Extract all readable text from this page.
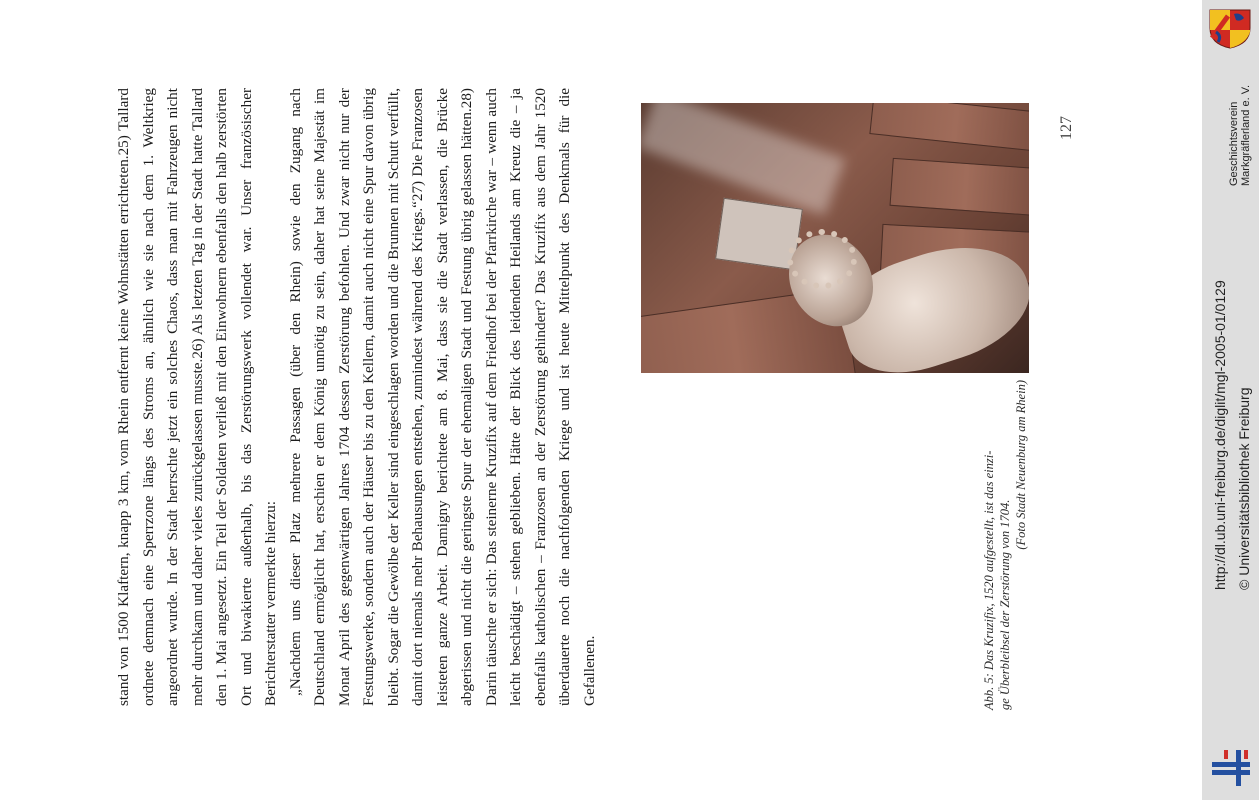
stand von 1500 Klaftern, knapp 3 km, vom Rhein entfernt keine Wohnstätten errichteten.25) Tallard ordnete demnach eine Sperrzone längs des Stroms an, ähnlich wie sie nach dem 1. Weltkrieg angeordnet wurde. In der Stadt herrschte jetzt ein solches Chaos, dass man mit Fahrzeugen nicht mehr durchkam und daher vieles zurückgelassen musste.26) Als letzten Tag in der Stadt hatte Tallard den 1. Mai angesetzt. Ein Teil der Soldaten verließ mit den Einwohnern ebenfalls den halb zerstörten Ort und biwakierte außerhalb, bis das Zerstörungswerk vollendet war. Unser französischer Berichterstatter vermerkte hierzu: „Nachdem uns dieser Platz mehrere Passagen (über den Rhein) sowie den Zugang nach Deutschland ermöglicht hat, erschien er dem König unnötig zu sein, daher hat seine Majestät im Monat April des gegenwärtigen Jahres 1704 dessen Zerstörung befohlen. Und zwar nicht nur der Festungswerke, sondern auch der Häuser bis zu den Kellern, damit auch nicht eine Spur davon übrig bleibt. Sogar die Gewölbe der Keller sind eingeschlagen worden und die Brunnen mit Schutt verfüllt, damit dort niemals mehr Behausungen entstehen, zumindest während des Kriegs.“27) Die Franzosen leisteten ganze Arbeit. Damigny berichtete am 8. Mai, dass sie die Stadt verlassen, die Brücke abgerissen und nicht die geringste Spur der ehemaligen Stadt und Festung übrig gelassen hätten.28) Darin täuschte er sich: Das steinerne Kruzifix auf dem Friedhof bei der Pfarrkirche war – wenn auch leicht beschädigt – stehen geblieben. Hätte der Blick des leidenden Heilands am Kreuz die – ja ebenfalls katholischen – Franzosen an der Zerstörung gehindert? Das Kruzifix aus dem Jahr 1520 überdauerte noch die nachfolgenden Kriege und ist heute Mittelpunkt des Denkmals für die Gefallenen.	Abb. 5: Das Kruzifix, 1520 aufgestellt, ist das einzi- ge Überbleibsel der Zerstörung von 1704.
(Foto Stadt Neuenburg am Rhein)
127	Geschichtsverein Markgräflerland e. V.
http://dl.ub.uni-freiburg.de/diglit/mgl-2005-01/0129 © Universitätsbibliothek Freiburg
